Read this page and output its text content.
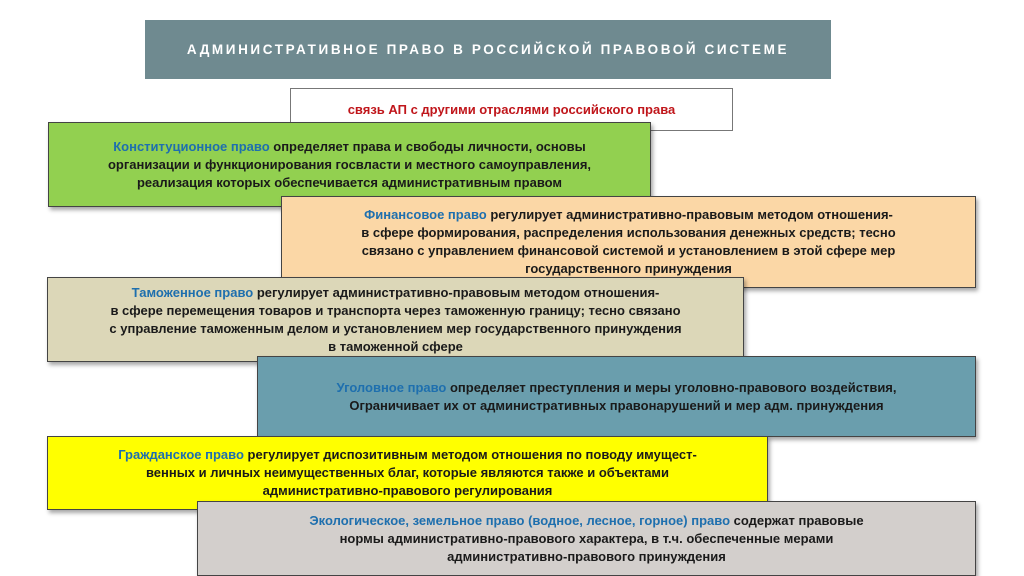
АДМИНИСТРАТИВНОЕ ПРАВО В РОССИЙСКОЙ ПРАВОВОЙ СИСТЕМЕ
связь АП с другими отраслями российского права
Конституционное право определяет права и свободы личности, основы
организации и функционирования госвласти и местного самоуправления,
реализация которых обеспечивается административным правом
Финансовое право регулирует административно-правовым методом отношения-
в сфере формирования, распределения использования денежных средств; тесно
связано с управлением финансовой системой и установлением в этой сфере мер
государственного принуждения
Таможенное право регулирует административно-правовым методом отношения-
в сфере перемещения товаров и транспорта через таможенную границу; тесно связано
с управление таможенным делом и установлением мер государственного принуждения
в таможенной сфере
Уголовное право определяет преступления и меры уголовно-правового воздействия,
Ограничивает их от административных правонарушений и мер адм. принуждения
Гражданское право регулирует диспозитивным методом отношения по поводу имущест-
венных и личных неимущественных благ, которые являются также и объектами
административно-правового регулирования
Экологическое, земельное право (водное, лесное, горное) право содержат правовые
нормы административно-правового характера, в т.ч. обеспеченные мерами
административно-правового принуждения
